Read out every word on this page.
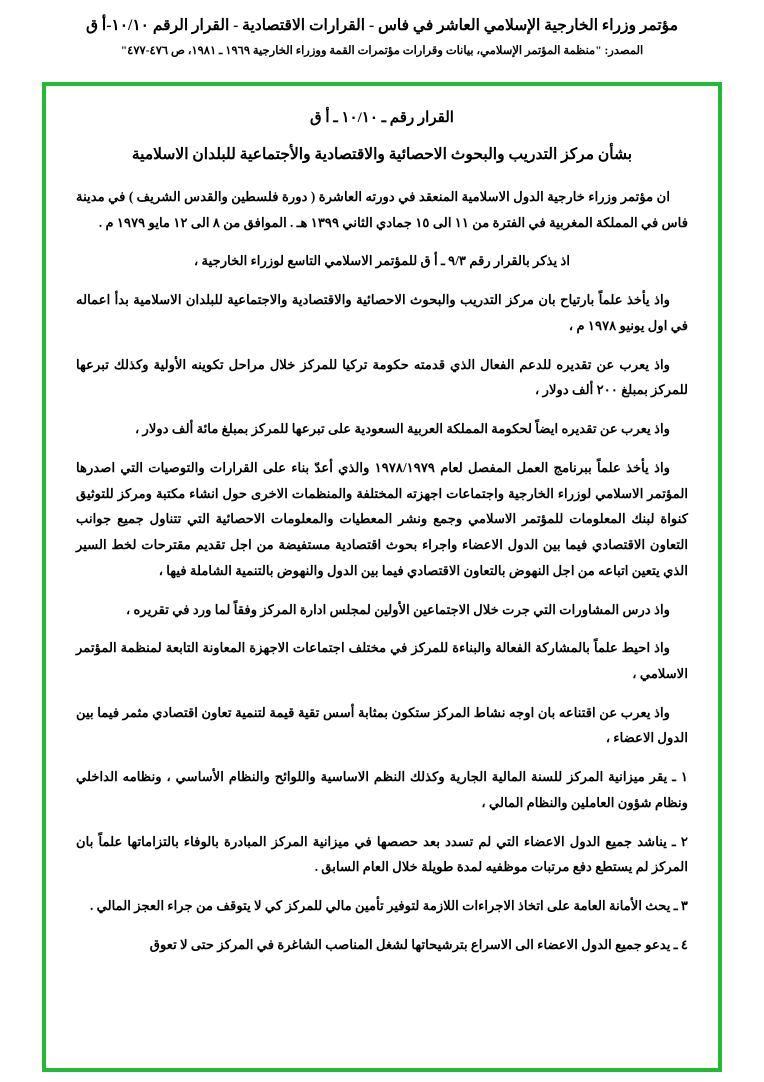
مؤتمر وزراء الخارجية الإسلامي العاشر في فاس - القرارات الاقتصادية - القرار الرقم ١٠/١٠-أ ق
المصدر: "منظمة المؤتمر الإسلامي، بيانات وقرارات مؤتمرات القمة ووزراء الخارجية ١٩٦٩ ـ ١٩٨١، ص ٤٧٦-٤٧٧"
القرار رقم ـ ١٠/١٠ ـ أ ق
بشأن مركز التدريب والبحوث الاحصائية والاقتصادية والأجتماعية للبلدان الاسلامية

ان مؤتمر وزراء خارجية الدول الاسلامية المنعقد في دورته العاشرة ( دورة فلسطين والقدس الشريف ) في مدينة فاس في المملكة المغربية في الفترة من ١١ الى ١٥ جمادي الثاني ١٣٩٩ هـ . الموافق من ٨ الى ١٢ مايو ١٩٧٩ م .

اذ يذكر بالقرار رقم ٩/٣ ـ أ ق للمؤتمر الاسلامي التاسع لوزراء الخارجية ،

واذ يأخذ علماً بارتياح بان مركز التدريب والبحوث الاحصائية والاقتصادية والاجتماعية للبلدان الاسلامية بدأ اعماله في اول يونيو ١٩٧٨ م ،

واذ يعرب عن تقديره للدعم الفعال الذي قدمته حكومة تركيا للمركز خلال مراحل تكوينه الأولية وكذلك تبرعها للمركز بمبلغ ٢٠٠ ألف دولار ،

واذ يعرب عن تقديره ايضاً لحكومة المملكة العربية السعودية على تبرعها للمركز بمبلغ مائة ألف دولار ،

واذ يأخذ علماً ببرنامج العمل المفصل لعام ١٩٧٨/١٩٧٩ والذي أعدّ بناء على القرارات والتوصيات التي اصدرها المؤتمر الاسلامي لوزراء الخارجية واجتماعات اجهزته المختلفة والمنظمات الاخرى حول انشاء مكتبة ومركز للتوثيق كنواة لبنك المعلومات للمؤتمر الاسلامي وجمع ونشر المعطيات والمعلومات الاحصائية التي تتناول جميع جوانب التعاون الاقتصادي فيما بين الدول الاعضاء واجراء بحوث اقتصادية مستفيضة من اجل تقديم مقترحات لخط السير الذي يتعين اتباعه من اجل النهوض بالتعاون الاقتصادي فيما بين الدول والنهوض بالتنمية الشاملة فيها ،

واذ درس المشاورات التي جرت خلال الاجتماعين الأولين لمجلس ادارة المركز وفقاً لما ورد في تقريره ،

واذ احيط علماً بالمشاركة الفعالة والبناءة للمركز في مختلف اجتماعات الاجهزة المعاونة التابعة لمنظمة المؤتمر الاسلامي ،

واذ يعرب عن اقتناعه بان اوجه نشاط المركز ستكون بمثابة أسس تقية قيمة لتنمية تعاون اقتصادي مثمر فيما بين الدول الاعضاء ،

١ ـ يقر ميزانية المركز للسنة المالية الجارية وكذلك النظم الاساسية واللوائح والنظام الأساسي ، ونظامه الداخلي ونظام شؤون العاملين والنظام المالي ،

٢ ـ يناشد جميع الدول الاعضاء التي لم تسدد بعد حصصها في ميزانية المركز المبادرة بالوفاء بالتزاماتها علماً بان المركز لم يستطع دفع مرتبات موظفيه لمدة طويلة خلال العام السابق .

٣ ـ يحث الأمانة العامة على اتخاذ الاجراءات اللازمة لتوفير تأمين مالي للمركز كي لا يتوقف من جراء العجز المالي .

٤ ـ يدعو جميع الدول الاعضاء الى الاسراع بترشيحاتها لشغل المناصب الشاغرة في المركز حتى لا تعوق
